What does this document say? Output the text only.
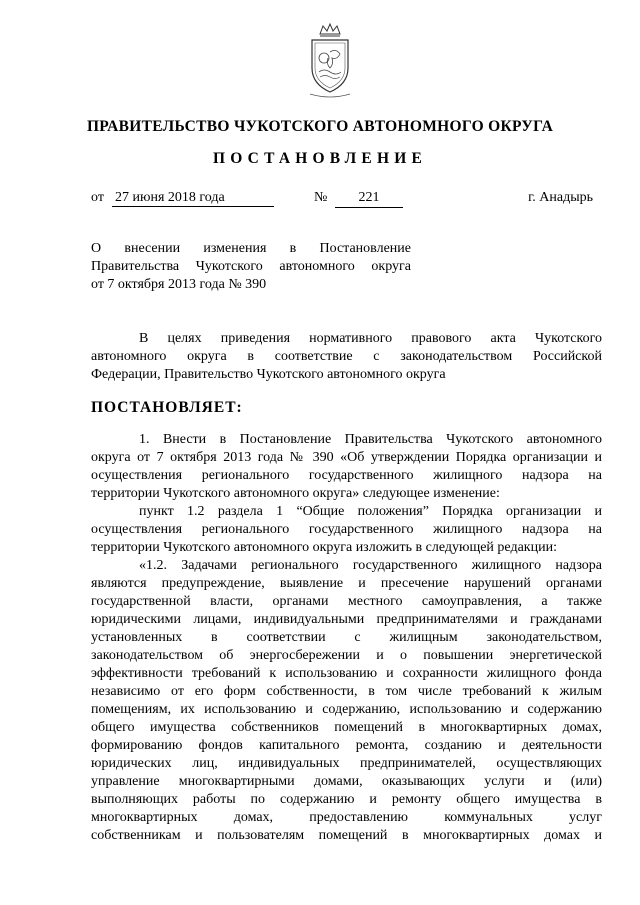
ПРАВИТЕЛЬСТВО ЧУКОТСКОГО АВТОНОМНОГО ОКРУГА
ПОСТАНОВЛЕНИЕ
от 27 июня 2018 года	№	221	г. Анадырь
О внесении изменения в Постановление
Правительства Чукотского автономного округа
от 7 октября 2013 года № 390
В целях приведения нормативного правового акта Чукотского
автономного округа в соответствие с законодательством Российской
Федерации, Правительство Чукотского автономного округа
ПОСТАНОВЛЯЕТ:
1. Внести в Постановление Правительства Чукотского автономного
округа от 7 октября 2013 года № 390 «Об утверждении Порядка организации и
осуществления регионального государственного жилищного надзора на
территории Чукотского автономного округа» следующее изменение:
пункт 1.2 раздела 1 “Общие положения” Порядка организации и
осуществления регионального государственного жилищного надзора на
территории Чукотского автономного округа изложить в следующей редакции:
«1.2. Задачами регионального государственного жилищного надзора
являются предупреждение, выявление и пресечение нарушений органами
государственной власти, органами местного самоуправления, а также
юридическими лицами, индивидуальными предпринимателями и гражданами
установленных в соответствии с жилищным законодательством,
законодательством об энергосбережении и о повышении энергетической
эффективности требований к использованию и сохранности жилищного фонда
независимо от его форм собственности, в том числе требований к жилым
помещениям, их использованию и содержанию, использованию и содержанию
общего имущества собственников помещений в многоквартирных домах,
формированию фондов капитального ремонта, созданию и деятельности
юридических лиц, индивидуальных предпринимателей, осуществляющих
управление многоквартирными домами, оказывающих услуги и (или)
выполняющих работы по содержанию и ремонту общего имущества в
многоквартирных домах, предоставлению коммунальных услуг
собственникам и пользователям помещений в многоквартирных домах и
